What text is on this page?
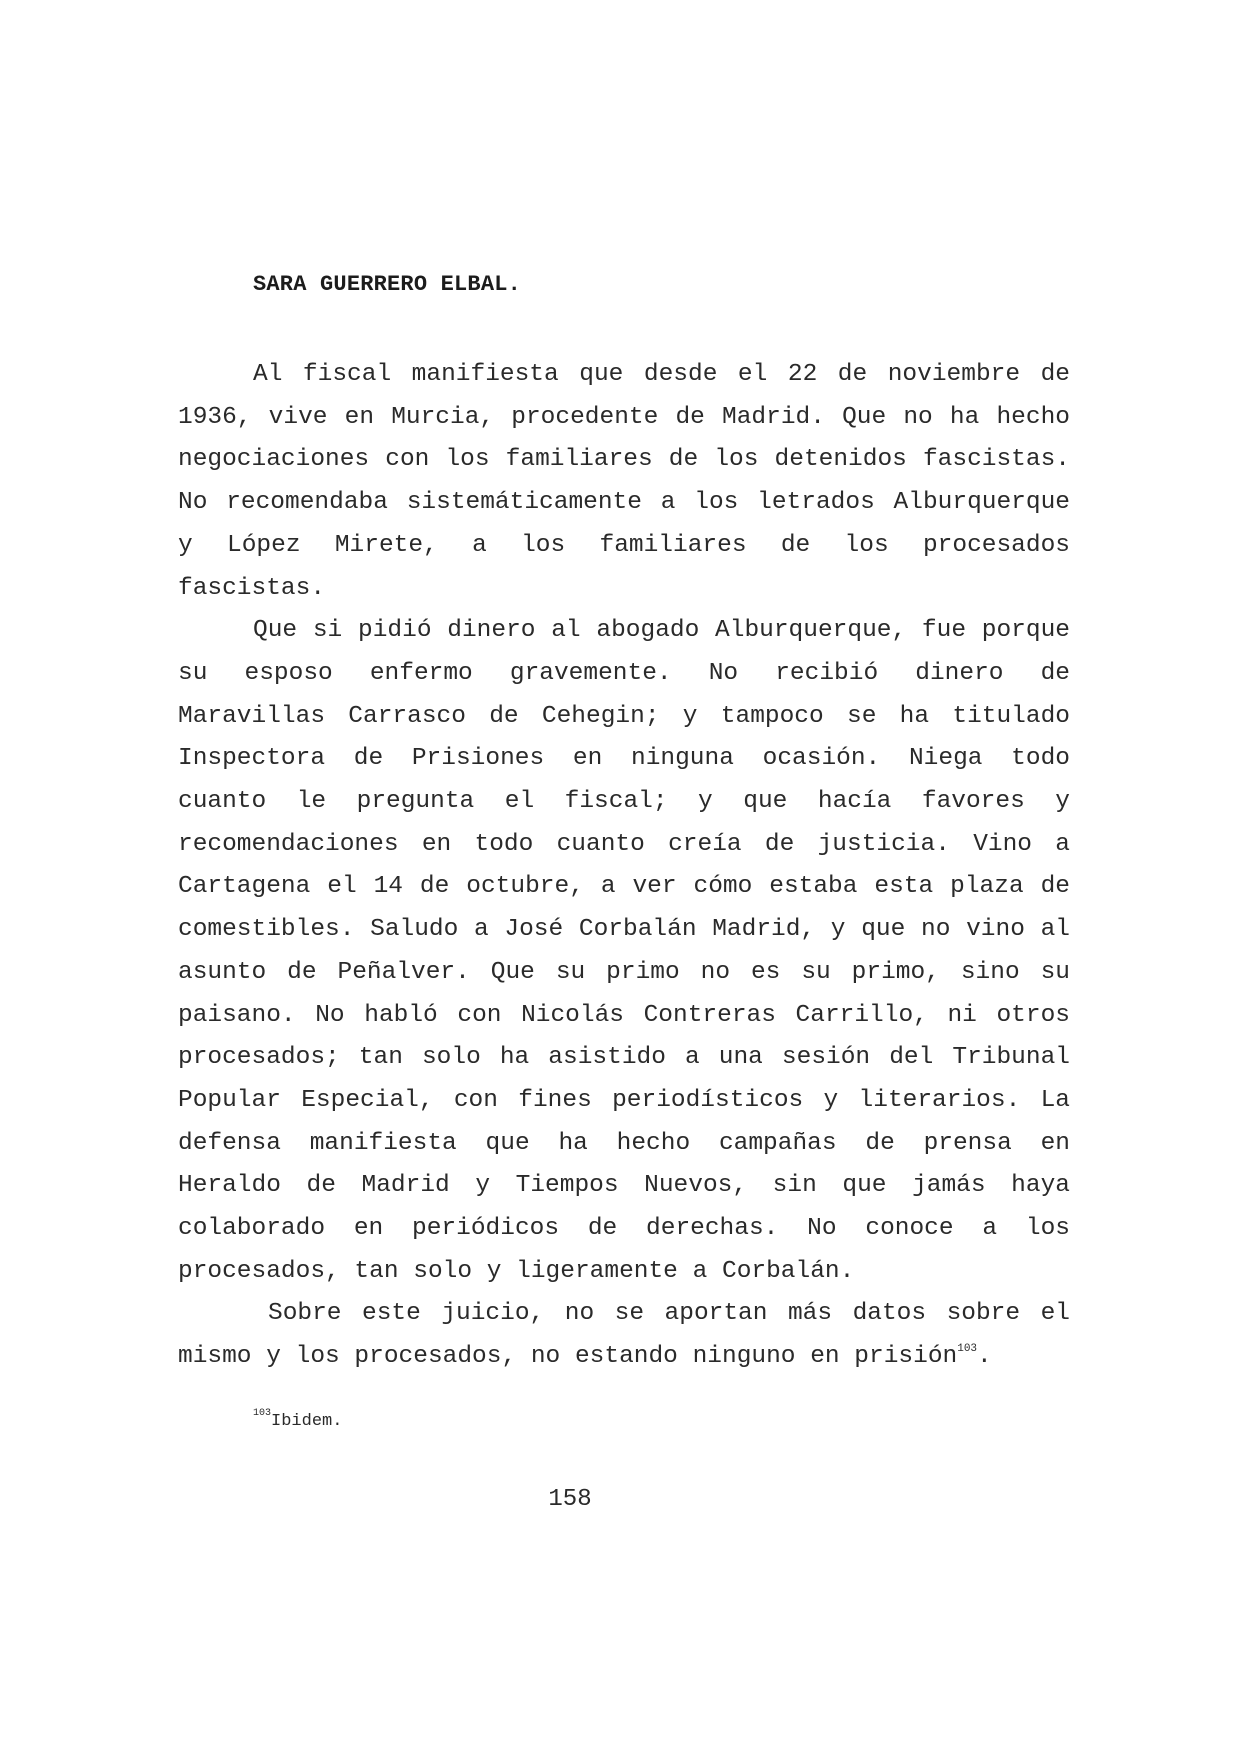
SARA GUERRERO ELBAL.

Al fiscal manifiesta que desde el 22 de noviembre de 1936, vive en Murcia, procedente de Madrid. Que no ha hecho negociaciones con los familiares de los detenidos fascistas. No recomendaba sistemáticamente a los letrados Alburquerque y López Mirete, a los familiares de los procesados fascistas.

Que si pidió dinero al abogado Alburquerque, fue porque su esposo enfermo gravemente. No recibió dinero de Maravillas Carrasco de Cehegin; y tampoco se ha titulado Inspectora de Prisiones en ninguna ocasión. Niega todo cuanto le pregunta el fiscal; y que hacía favores y recomendaciones en todo cuanto creía de justicia. Vino a Cartagena el 14 de octubre, a ver cómo estaba esta plaza de comestibles. Saludo a José Corbalán Madrid, y que no vino al asunto de Peñalver. Que su primo no es su primo, sino su paisano. No habló con Nicolás Contreras Carrillo, ni otros procesados; tan solo ha asistido a una sesión del Tribunal Popular Especial, con fines periodísticos y literarios. La defensa manifiesta que ha hecho campañas de prensa en Heraldo de Madrid y Tiempos Nuevos, sin que jamás haya colaborado en periódicos de derechas. No conoce a los procesados, tan solo y ligeramente a Corbalán.

Sobre este juicio, no se aportan más datos sobre el mismo y los procesados, no estando ninguno en prisión$^{103}$.

$^{103}$Ibidem.
158
